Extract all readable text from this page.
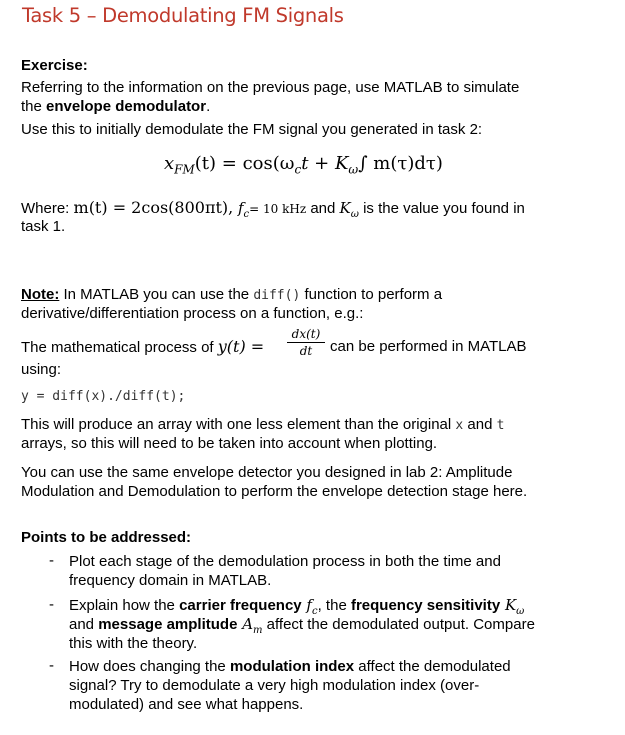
Task 5 – Demodulating FM Signals
Exercise:
Referring to the information on the previous page, use MATLAB to simulate
the envelope demodulator.
Use this to initially demodulate the FM signal you generated in task 2:
$x_{FM}(t) = \cos(\omega_ct + K_\omega\int$ m(τ)dτ)
Where: m(t) = 2cos(800πt), $f_c= 10$ kHz and $K_\omega$ is the value you found in
task 1.
Note: In MATLAB you can use the diff() function to perform a
derivative/differentiation process on a function, e.g.:
The mathematical process of $y(t) = \frac{dx(t)}{dt}$ can be performed in MATLAB
using:
y = diff(x)./diff(t);
This will produce an array with one less element than the original x and t
arrays, so this will need to be taken into account when plotting.
You can use the same envelope detector you designed in lab 2: Amplitude
Modulation and Demodulation to perform the envelope detection stage here.
Points to be addressed:
- Plot each stage of the demodulation process in both the time and
frequency domain in MATLAB.
- Explain how the carrier frequency $f_c$, the frequency sensitivity $K_\omega$
and message amplitude $A_m$ affect the demodulated output. Compare
this with the theory.
- How does changing the modulation index affect the demodulated
signal? Try to demodulate a very high modulation index (over-
modulated) and see what happens.
